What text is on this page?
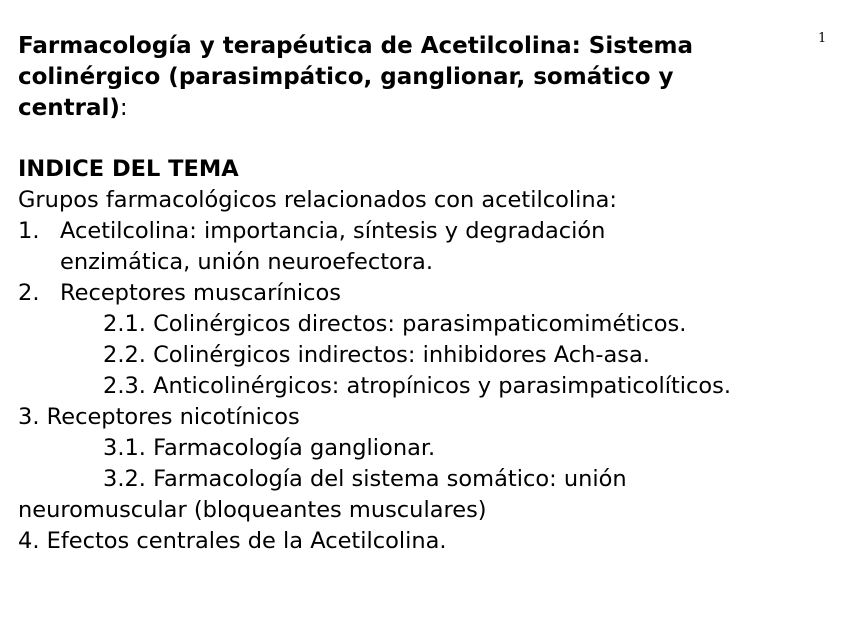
1
Farmacología y terapéutica de Acetilcolina: Sistema
colinérgico (parasimpático, ganglionar, somático y
central):
INDICE DEL TEMA
Grupos farmacológicos relacionados con acetilcolina:
1. Acetilcolina: importancia, síntesis y degradación
enzimática, unión neuroefectora.
2. Receptores muscarínicos
2.1. Colinérgicos directos: parasimpaticomiméticos.
2.2. Colinérgicos indirectos: inhibidores Ach-asa.
2.3. Anticolinérgicos: atropínicos y parasimpaticolíticos.
3. Receptores nicotínicos
3.1. Farmacología ganglionar.
3.2. Farmacología del sistema somático: unión
neuromuscular (bloqueantes musculares)
4. Efectos centrales de la Acetilcolina.
